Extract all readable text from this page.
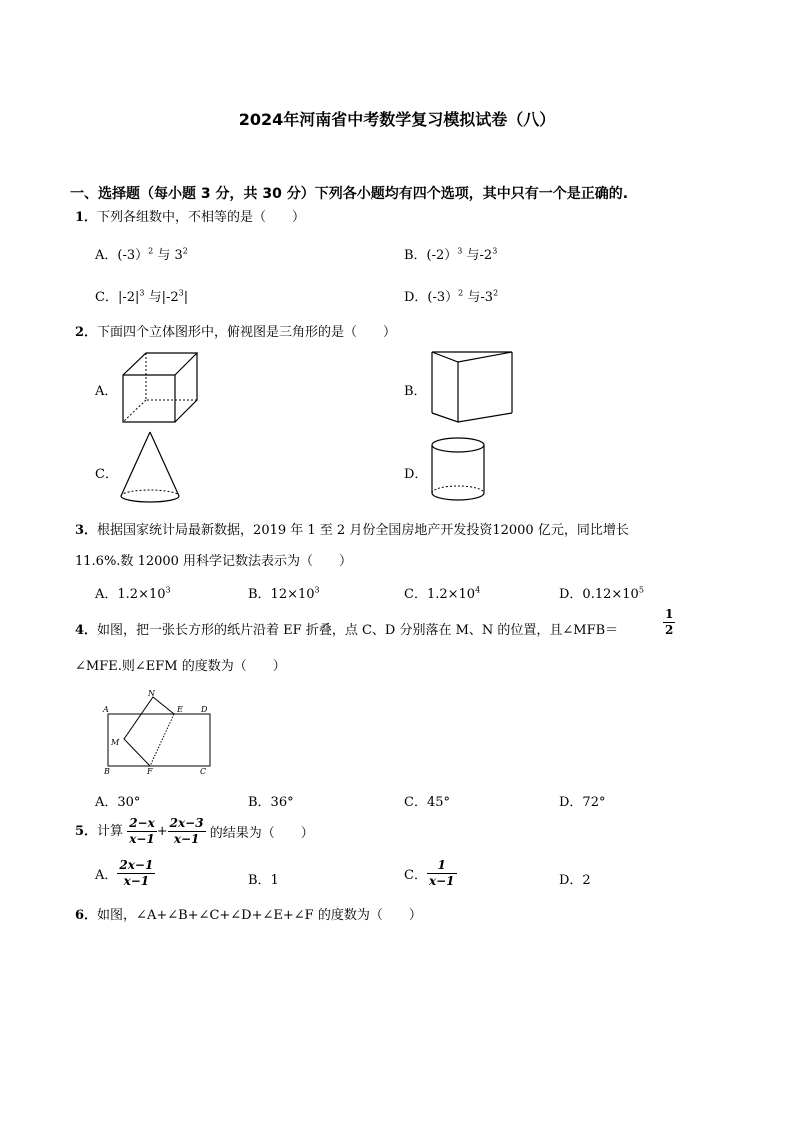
2024年河南省中考数学复习模拟试卷（八）
一、选择题（每小题 3 分，共 30 分）下列各小题均有四个选项，其中只有一个是正确的.
1．下列各组数中，不相等的是（　　）
A．(-3）$^2$ 与 $3^2$	B．(-2）$^3$ 与$-2^3$
C．$|-2|^3$ 与$|-2^3|$	D．(-3）$^2$ 与$-3^2$
2．下面四个立体图形中，俯视图是三角形的是（　　）
A．	B．
C．	D．
3．根据国家统计局最新数据，2019 年 1 至 2 月份全国房地产开发投资12000 亿元，同比增长
11.6%.数 12000 用科学记数法表示为（　　）
A．$1.2\times 10^3$	B．$12\times 10^3$	C．$1.2\times 10^4$	D．$0.12\times 10^5$
4．如图，把一张长方形的纸片沿着 EF 折叠，点 C、D 分别落在 M、N 的位置，且∠MFB＝	$\frac{1}{2}$
∠MFE.则∠EFM 的度数为（　　）
A
N
E D
M
B	F	C
A．30°	B．36°	C．45°	D．72°
5．计算 $\frac{2-x}{x-1} + \frac{2x-3}{x-1}$ 的结果为（　　）
A． $\frac{2x-1}{x-1}$	B．1	C． $\frac{1}{x-1}$	D．2
6．如图，∠A+∠B+∠C+∠D+∠E+∠F 的度数为（　　）
